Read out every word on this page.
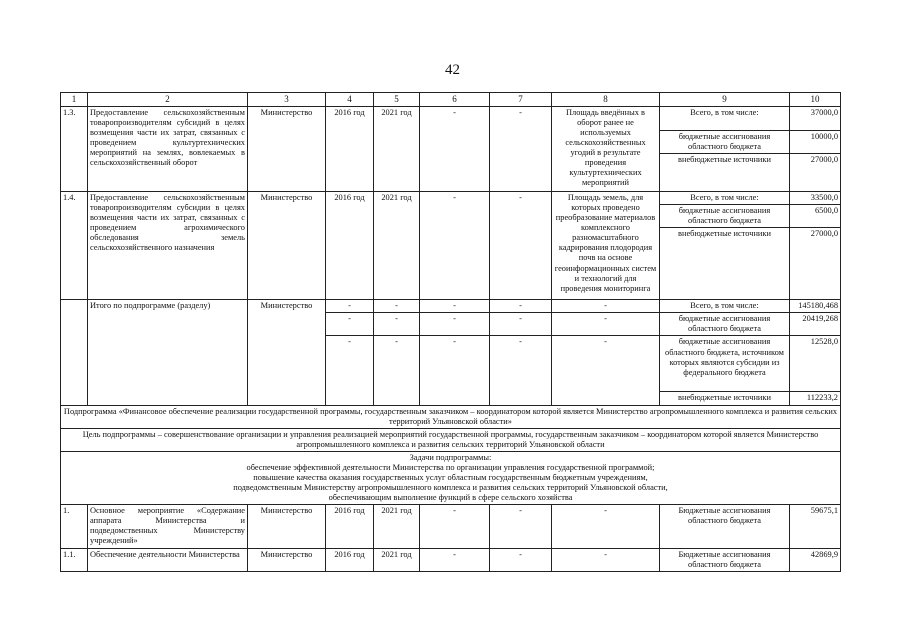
42
1	2	3	4	5	6	7	8	9	10
1.3.	Предоставление сельскохозяйственным товаропроизводителям субсидий в целях возмещения части их затрат, связанных с проведением культуртехнических мероприятий на землях, вовлекаемых в сельскохозяйственный оборот	Министерство	2016 год	2021 год	-	-	Площадь введённых в оборот ранее не используемых сельскохозяйственных угодий в результате проведения культуртехнических мероприятий	Всего, в том числе:	37000,0
								бюджетные ассигнования областного бюджета	10000,0
								внебюджетные источники	27000,0
1.4.	Предоставление сельскохозяйственным товаропроизводителям субсидии в целях возмещения части их затрат, связанных с проведением агрохимического обследования земель сельскохозяйственного назначения	Министерство	2016 год	2021 год	-	-	Площадь земель, для которых проведено преобразование материалов комплексного разномасштабного кадрирования плодородия почв на основе геоинформационных систем и технологий для проведения мониторинга	Всего, в том числе:	33500,0
								бюджетные ассигнования областного бюджета	6500,0
								внебюджетные источники	27000,0
	Итого по подпрограмме (разделу)	Министерство	-	-	-	-	-	Всего, в том числе:	145180,468
			-	-	-	-	-	бюджетные ассигнования областного бюджета	20419,268
			-	-	-	-	-	бюджетные ассигнования областного бюджета, источником которых являются субсидии из федерального бюджета	12528,0
								внебюджетные источники	112233,2
Подпрограмма «Финансовое обеспечение реализации государственной программы, государственным заказчиком – координатором которой является Министерство агропромышленного комплекса и развития сельских территорий Ульяновской области»									
Цель подпрограммы – совершенствование организации и управления реализацией мероприятий государственной программы, государственным заказчиком – координатором которой является Министерство агропромышленного комплекса и развития сельских территорий Ульяновской области									

Задачи подпрограммы:
обеспечение эффективной деятельности Министерства по организации управления государственной программой;
повышение качества оказания государственных услуг областным государственным бюджетным учреждениям,
подведомственным Министерству агропромышленного комплекса и развития сельских территорий Ульяновской области,
обеспечивающим выполнение функций в сфере сельского хозяйства									

1.	Основное мероприятие «Содержание аппарата Министерства и подведомственных Министерству учреждений»	Министерство	2016 год	2021 год	-	-	-	Бюджетные ассигнования областного бюджета	59675,1
1.1.	Обеспечение деятельности Министерства	Министерство	2016 год	2021 год	-	-	-	Бюджетные ассигнования областного бюджета	42869,9
